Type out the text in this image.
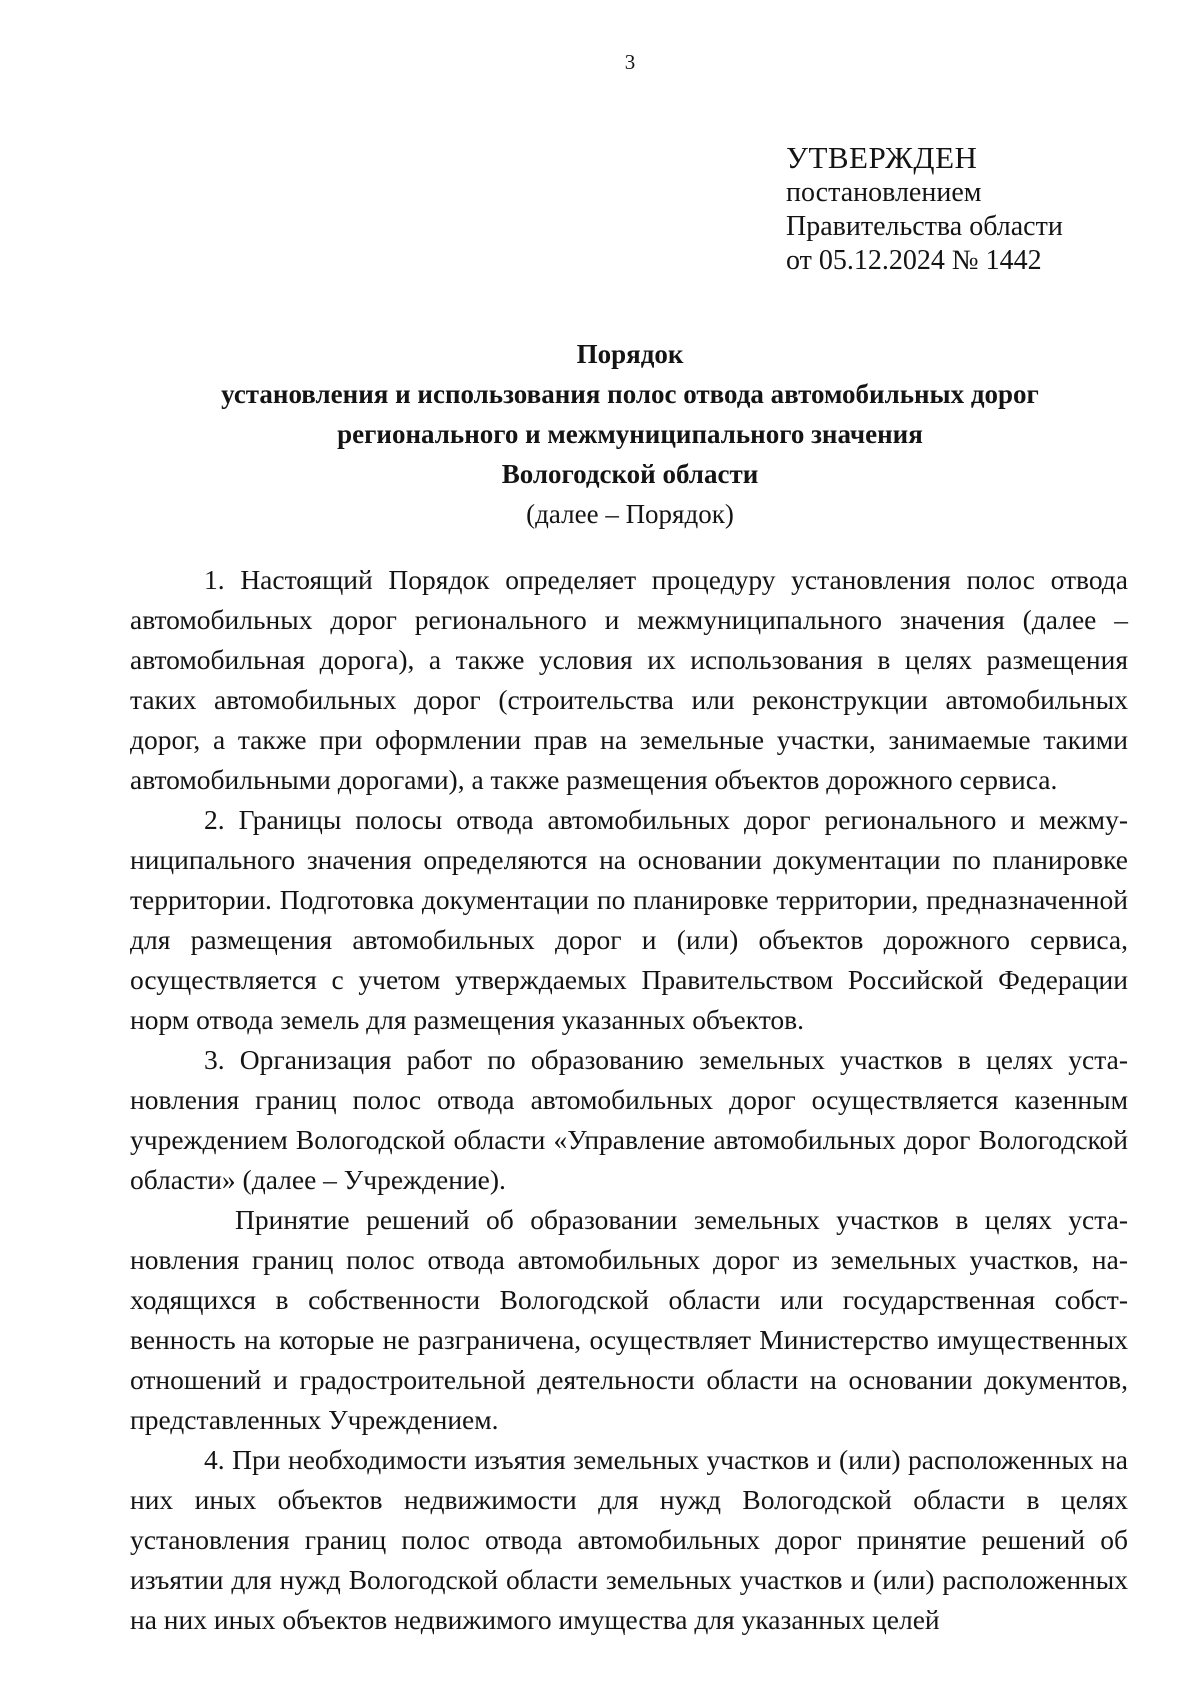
3
УТВЕРЖДЕН
постановлением
Правительства области
от 05.12.2024 № 1442
Порядок
установления и использования полос отвода автомобильных дорог
регионального и межмуниципального значения
Вологодской области
(далее – Порядок)

1. Настоящий Порядок определяет процедуру установления полос отвода автомобильных дорог регионального и межмуниципального значения (далее – автомобильная дорога), а также условия их использования в целях размещения таких автомобильных дорог (строительства или реконструкции автомобильных дорог, а также при оформлении прав на земельные участки, занимаемые такими автомобильными дорогами), а также размещения объектов дорожного сервиса.

2. Границы полосы отвода автомобильных дорог регионального и межмуниципального значения определяются на основании документации по планировке территории. Подготовка документации по планировке территории, предназначенной для размещения автомобильных дорог и (или) объектов дорожного сервиса, осуществляется с учетом утверждаемых Правительством Российской Федерации норм отвода земель для размещения указанных объектов.

3. Организация работ по образованию земельных участков в целях установления границ полос отвода автомобильных дорог осуществляется казенным учреждением Вологодской области «Управление автомобильных дорог Вологодской области» (далее – Учреждение).

Принятие решений об образовании земельных участков в целях установления границ полос отвода автомобильных дорог из земельных участков, находящихся в собственности Вологодской области или государственная собственность на которые не разграничена, осуществляет Министерство имущественных отношений и градостроительной деятельности области на основании документов, представленных Учреждением.

4. При необходимости изъятия земельных участков и (или) расположенных на них иных объектов недвижимости для нужд Вологодской области в целях установления границ полос отвода автомобильных дорог принятие решений об изъятии для нужд Вологодской области земельных участков и (или) расположенных на них иных объектов недвижимого имущества для указанных целей
